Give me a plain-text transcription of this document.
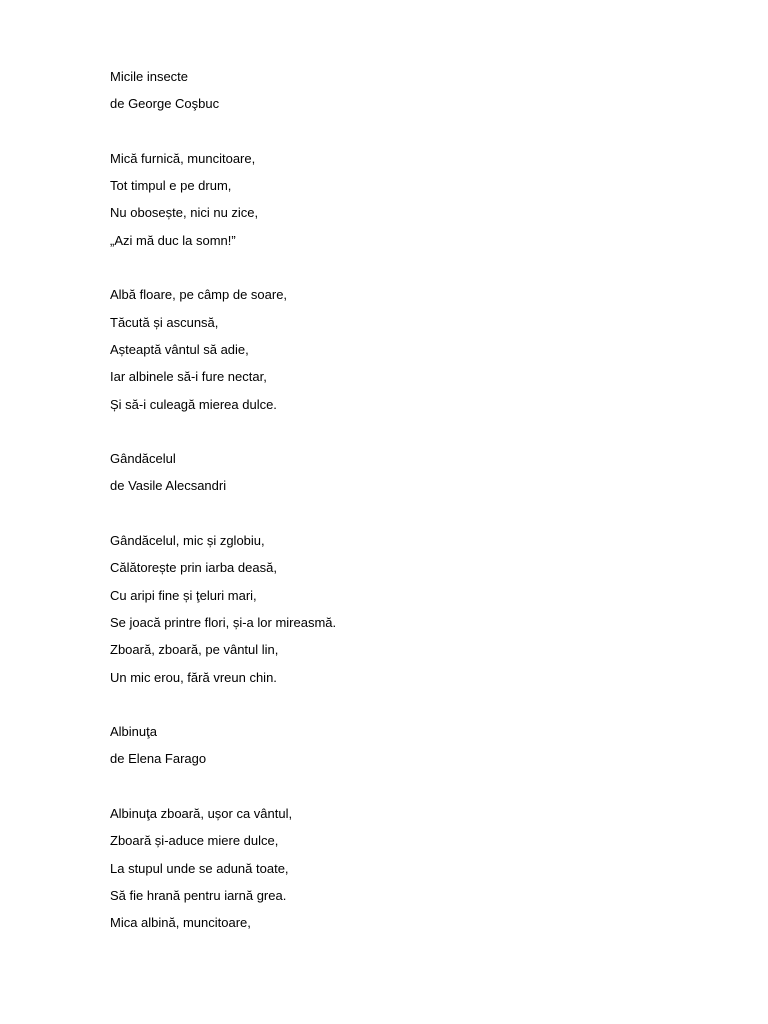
Micile insecte
de George Coşbuc
Mică furnică, muncitoare,
Tot timpul e pe drum,
Nu obosește, nici nu zice,
„Azi mă duc la somn!”
Albă floare, pe câmp de soare,
Tăcută și ascunsă,
Așteaptă vântul să adie,
Iar albinele să-i fure nectar,
Și să-i culeagă mierea dulce.
Gândăcelul
de Vasile Alecsandri
Gândăcelul, mic și zglobiu,
Călătorește prin iarba deasă,
Cu aripi fine și ţeluri mari,
Se joacă printre flori, și-a lor mireasmă.
Zboară, zboară, pe vântul lin,
Un mic erou, fără vreun chin.
Albinuţa
de Elena Farago
Albinuţa zboară, ușor ca vântul,
Zboară și-aduce miere dulce,
La stupul unde se adună toate,
Să fie hrană pentru iarnă grea.
Mica albină, muncitoare,
